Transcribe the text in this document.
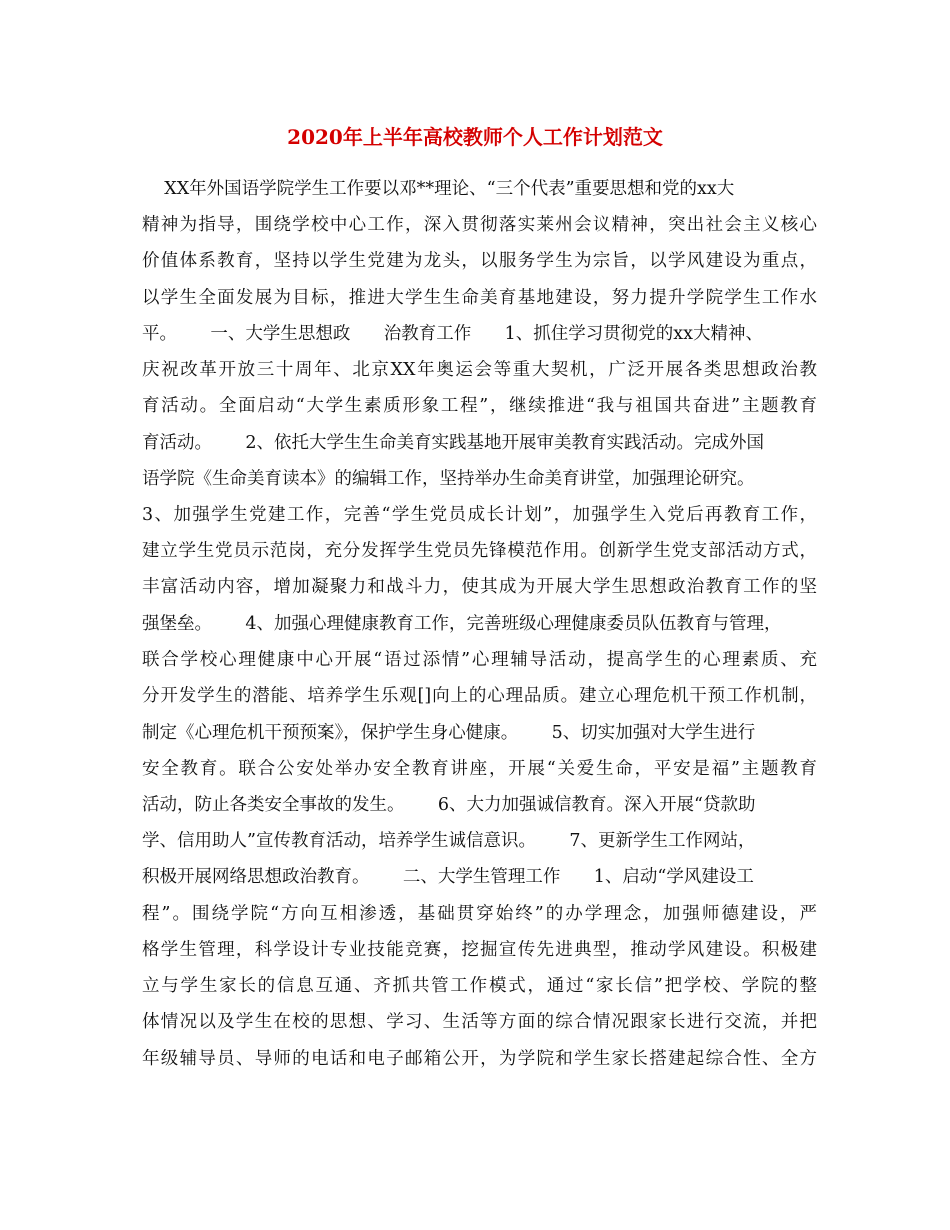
2020年上半年高校教师个人工作计划范文
XX年外国语学院学生工作要以邓**理论、“三个代表”重要思想和党的xx大
精神为指导，围绕学校中心工作，深入贯彻落实莱州会议精神，突出社会主义核心
价值体系教育，坚持以学生党建为龙头，以服务学生为宗旨，以学风建设为重点，
以学生全面发展为目标，推进大学生生命美育基地建设，努力提升学院学生工作水
平。      一、大学生思想政      治教育工作      1、抓住学习贯彻党的xx大精神、
庆祝改革开放三十周年、北京XX年奥运会等重大契机，广泛开展各类思想政治教
育活动。全面启动“大学生素质形象工程”，继续推进“我与祖国共奋进”主题教育
育活动。      2、依托大学生生命美育实践基地开展审美教育实践活动。完成外国
语学院《生命美育读本》的编辑工作，坚持举办生命美育讲堂，加强理论研究。
3、加强学生党建工作，完善“学生党员成长计划”，加强学生入党后再教育工作，
建立学生党员示范岗，充分发挥学生党员先锋模范作用。创新学生党支部活动方式，
丰富活动内容，增加凝聚力和战斗力，使其成为开展大学生思想政治教育工作的坚
强堡垒。      4、加强心理健康教育工作，完善班级心理健康委员队伍教育与管理，
联合学校心理健康中心开展“语过添情”心理辅导活动，提高学生的心理素质、充
分开发学生的潜能、培养学生乐观[]向上的心理品质。建立心理危机干预工作机制，
制定《心理危机干预预案》，保护学生身心健康。      5、切实加强对大学生进行
安全教育。联合公安处举办安全教育讲座，开展“关爱生命，平安是福”主题教育
活动，防止各类安全事故的发生。      6、大力加强诚信教育。深入开展“贷款助
学、信用助人”宣传教育活动，培养学生诚信意识。      7、更新学生工作网站，
积极开展网络思想政治教育。      二、大学生管理工作      1、启动“学风建设工
程”。围绕学院“方向互相渗透，基础贯穿始终”的办学理念，加强师德建设，严
格学生管理，科学设计专业技能竞赛，挖掘宣传先进典型，推动学风建设。积极建
立与学生家长的信息互通、齐抓共管工作模式，通过“家长信”把学校、学院的整
体情况以及学生在校的思想、学习、生活等方面的综合情况跟家长进行交流，并把
年级辅导员、导师的电话和电子邮箱公开，为学院和学生家长搭建起综合性、全方
